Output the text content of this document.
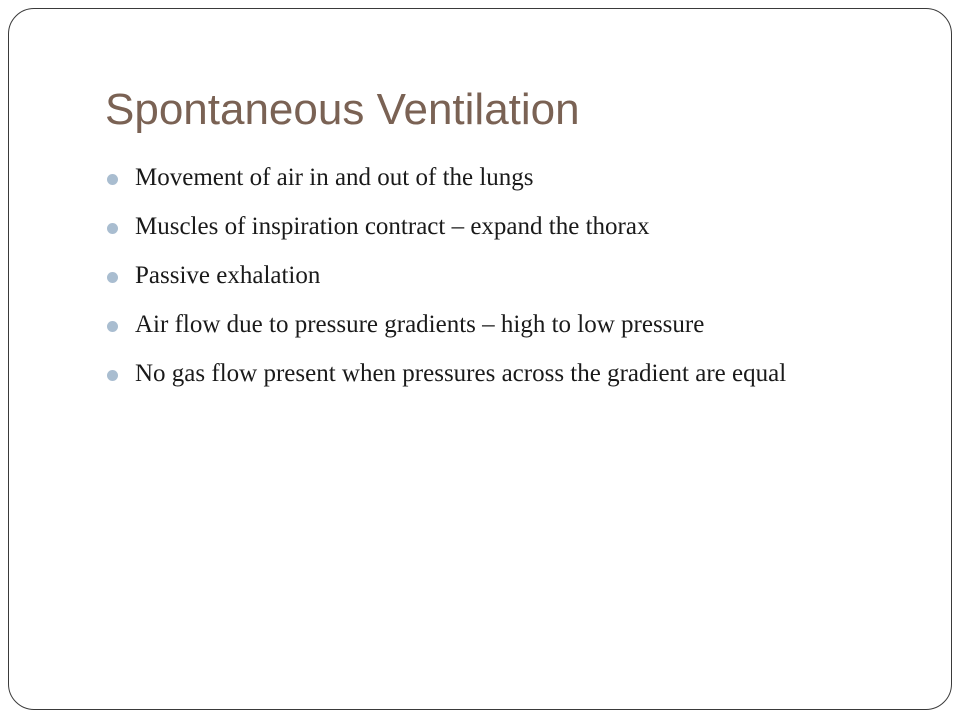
Spontaneous Ventilation
Movement of air in and out of the lungs
Muscles of inspiration contract – expand the thorax
Passive exhalation
Air flow due to pressure gradients – high to low pressure
No gas flow present when pressures across the gradient are equal
